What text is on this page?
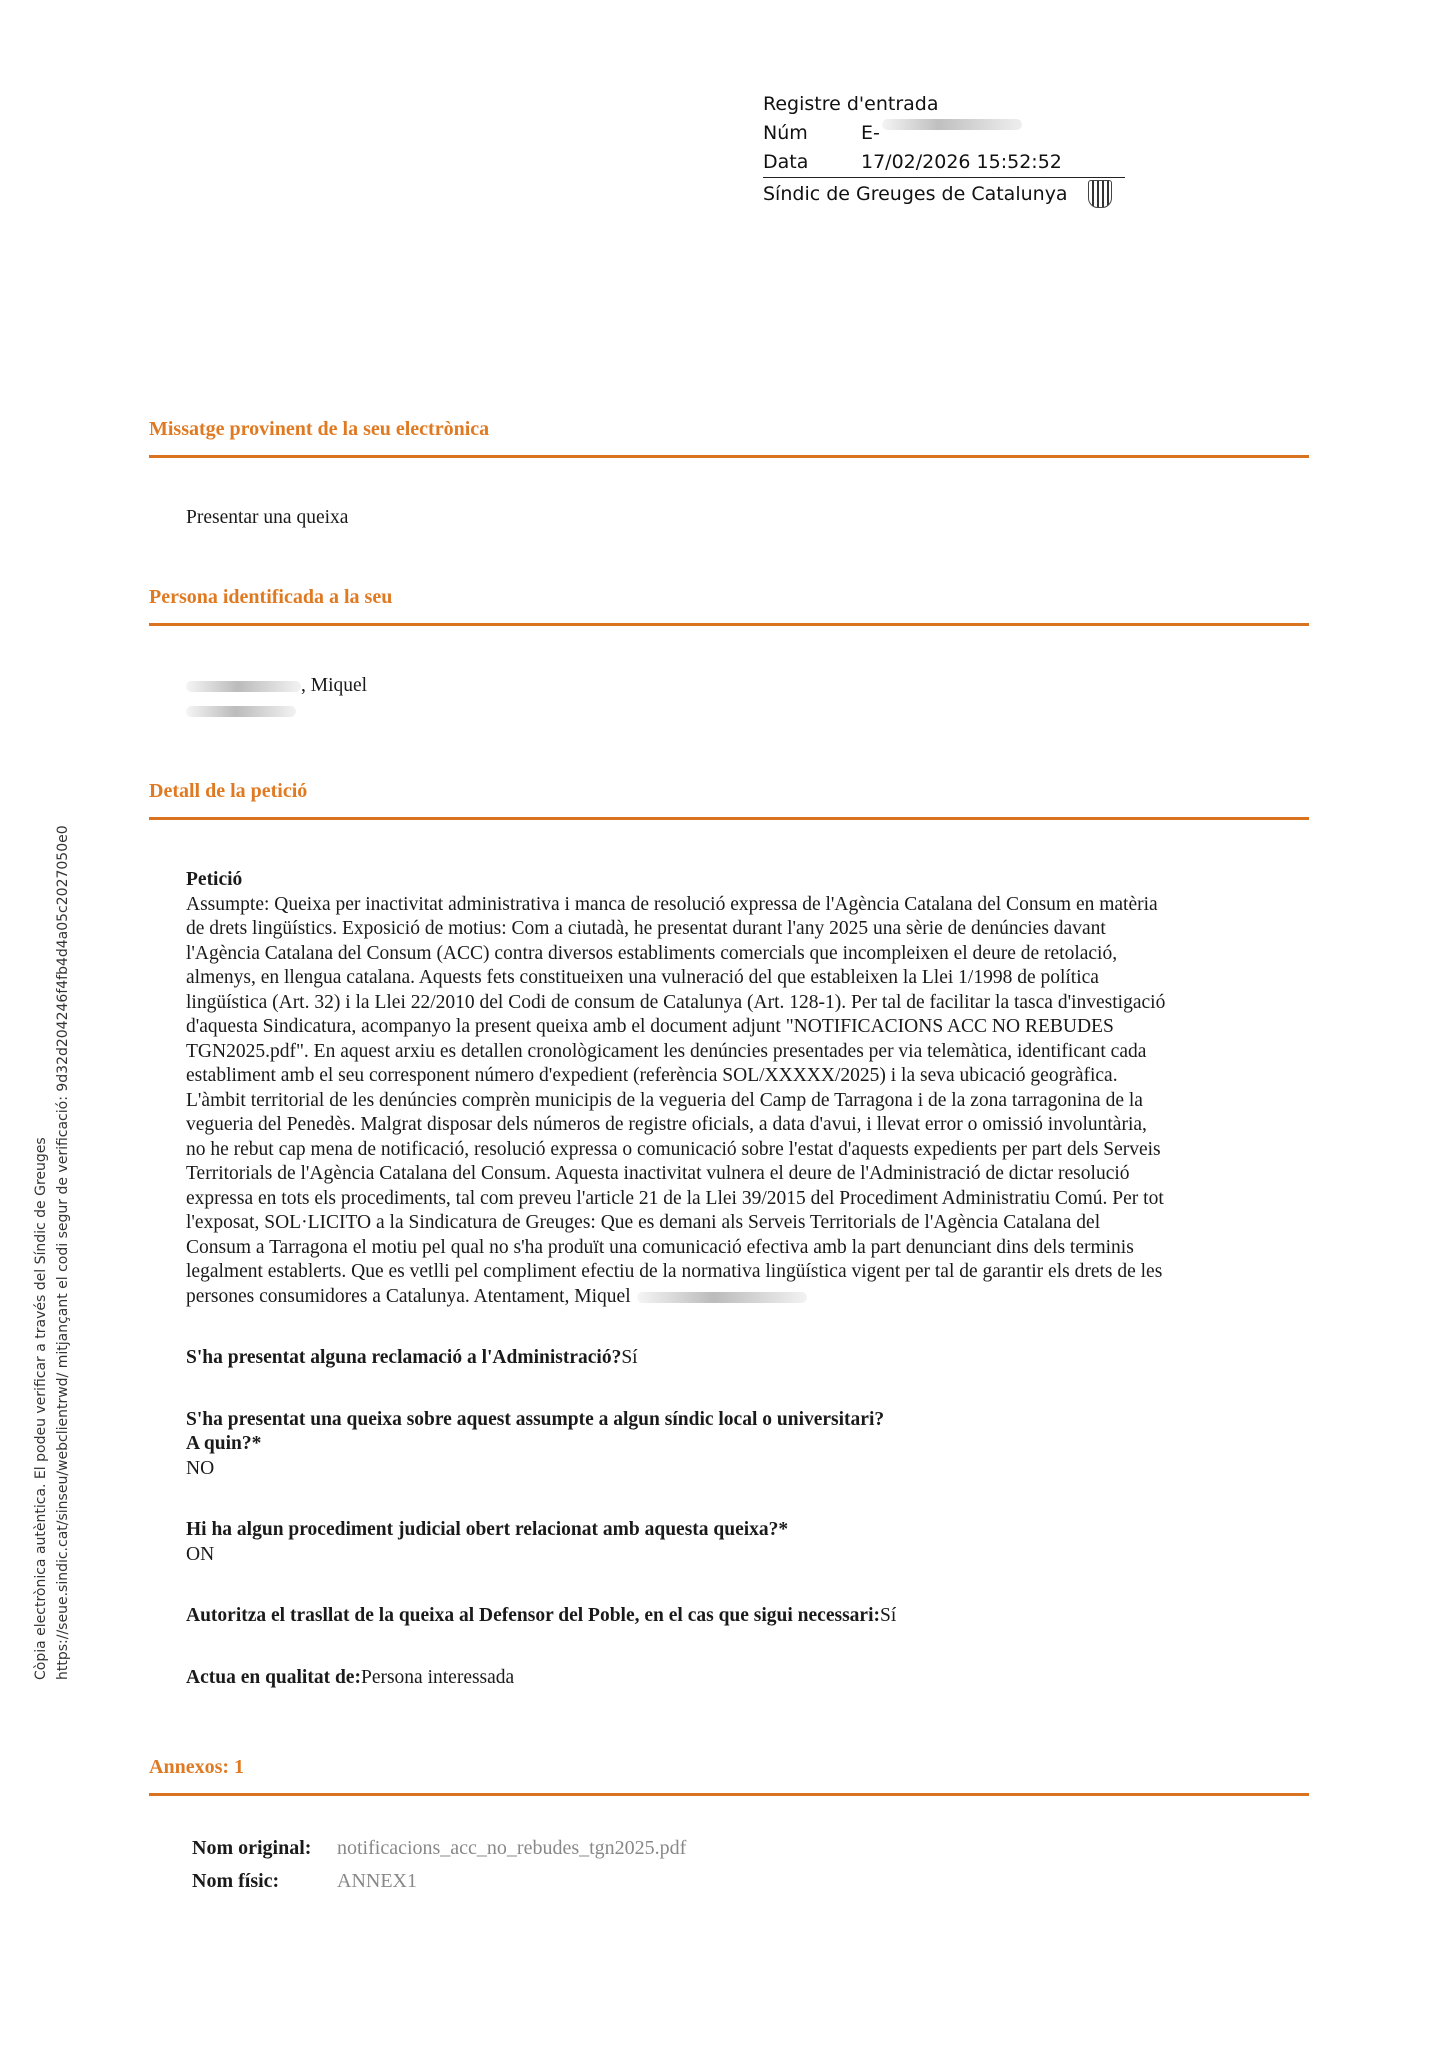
Registre d'entrada
Núm	E-
Data	17/02/2026 15:52:52
Síndic de Greuges de Catalunya
Còpia electrònica autèntica. El podeu verificar a través del Síndic de Greuges https://seue.sindic.cat/sinseu/webclientrwd/ mitjançant el codi segur de verificació: 9d32d204246f4fb4d4a05c2027050e0
Missatge provinent de la seu electrònica
Presentar una queixa
Persona identificada a la seu
, Miquel
Detall de la petició
Petició
Assumpte: Queixa per inactivitat administrativa i manca de resolució expressa de l'Agència Catalana del Consum en matèria
de drets lingüístics. Exposició de motius: Com a ciutadà, he presentat durant l'any 2025 una sèrie de denúncies davant
l'Agència Catalana del Consum (ACC) contra diversos establiments comercials que incompleixen el deure de retolació,
almenys, en llengua catalana. Aquests fets constitueixen una vulneració del que estableixen la Llei 1/1998 de política
lingüística (Art. 32) i la Llei 22/2010 del Codi de consum de Catalunya (Art. 128-1). Per tal de facilitar la tasca d'investigació
d'aquesta Sindicatura, acompanyo la present queixa amb el document adjunt "NOTIFICACIONS ACC NO REBUDES
TGN2025.pdf". En aquest arxiu es detallen cronològicament les denúncies presentades per via telemàtica, identificant cada
establiment amb el seu corresponent número d'expedient (referència SOL/XXXXX/2025) i la seva ubicació geogràfica.
L'àmbit territorial de les denúncies comprèn municipis de la vegueria del Camp de Tarragona i de la zona tarragonina de la
vegueria del Penedès. Malgrat disposar dels números de registre oficials, a data d'avui, i llevat error o omissió involuntària,
no he rebut cap mena de notificació, resolució expressa o comunicació sobre l'estat d'aquests expedients per part dels Serveis
Territorials de l'Agència Catalana del Consum. Aquesta inactivitat vulnera el deure de l'Administració de dictar resolució
expressa en tots els procediments, tal com preveu l'article 21 de la Llei 39/2015 del Procediment Administratiu Comú. Per tot
l'exposat, SOL·LICITO a la Sindicatura de Greuges: Que es demani als Serveis Territorials de l'Agència Catalana del
Consum a Tarragona el motiu pel qual no s'ha produït una comunicació efectiva amb la part denunciant dins dels terminis
legalment establerts. Que es vetlli pel compliment efectiu de la normativa lingüística vigent per tal de garantir els drets de les
persones consumidores a Catalunya. Atentament, Miquel
S'ha presentat alguna reclamació a l'Administració?Sí
S'ha presentat una queixa sobre aquest assumpte a algun síndic local o universitari?
A quin?*
NO
Hi ha algun procediment judicial obert relacionat amb aquesta queixa?*
ON
Autoritza el trasllat de la queixa al Defensor del Poble, en el cas que sigui necessari:Sí
Actua en qualitat de:Persona interessada
Annexos: 1
Nom original:	notificacions_acc_no_rebudes_tgn2025.pdf
Nom físic:	ANNEX1
